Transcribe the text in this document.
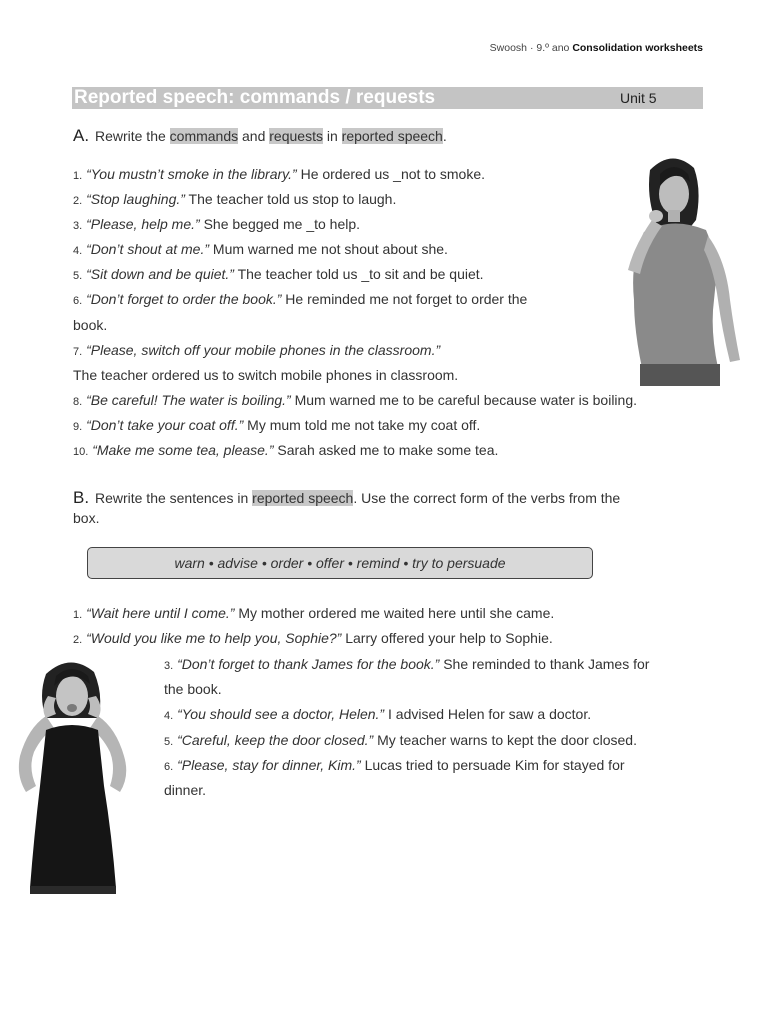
Swoosh · 9.º ano Consolidation worksheets
Reported speech: commands / requests	Unit 5
A. Rewrite the commands and requests in reported speech.
1. “You mustn’t smoke in the library.” He ordered us _not to smoke.
2. “Stop laughing.” The teacher told us stop to laugh.
3. “Please, help me.” She begged me _to help.
4. “Don’t shout at me.” Mum warned me not shout about she.
5. “Sit down and be quiet.” The teacher told us _to sit and be quiet.
6. “Don’t forget to order the book.” He reminded me not forget to order the
book.
7. “Please, switch off your mobile phones in the classroom.”
The teacher ordered us to switch mobile phones in classroom.
8. “Be careful! The water is boiling.” Mum warned me to be careful because water is boiling.
9. “Don’t take your coat off.” My mum told me not take my coat off.
10. “Make me some tea, please.” Sarah asked me to make some tea.
B. Rewrite the sentences in reported speech. Use the correct form of the verbs from the
box.
warn • advise • order • offer • remind • try to persuade
1. “Wait here until I come.” My mother ordered me waited here until she came.
2. “Would you like me to help you, Sophie?” Larry offered your help to Sophie.
3. “Don’t forget to thank James for the book.” She reminded to thank James for
the book.
4. “You should see a doctor, Helen.” I advised Helen for saw a doctor.
5. “Careful, keep the door closed.” My teacher warns to kept the door closed.
6. “Please, stay for dinner, Kim.” Lucas tried to persuade Kim for stayed for
dinner.
